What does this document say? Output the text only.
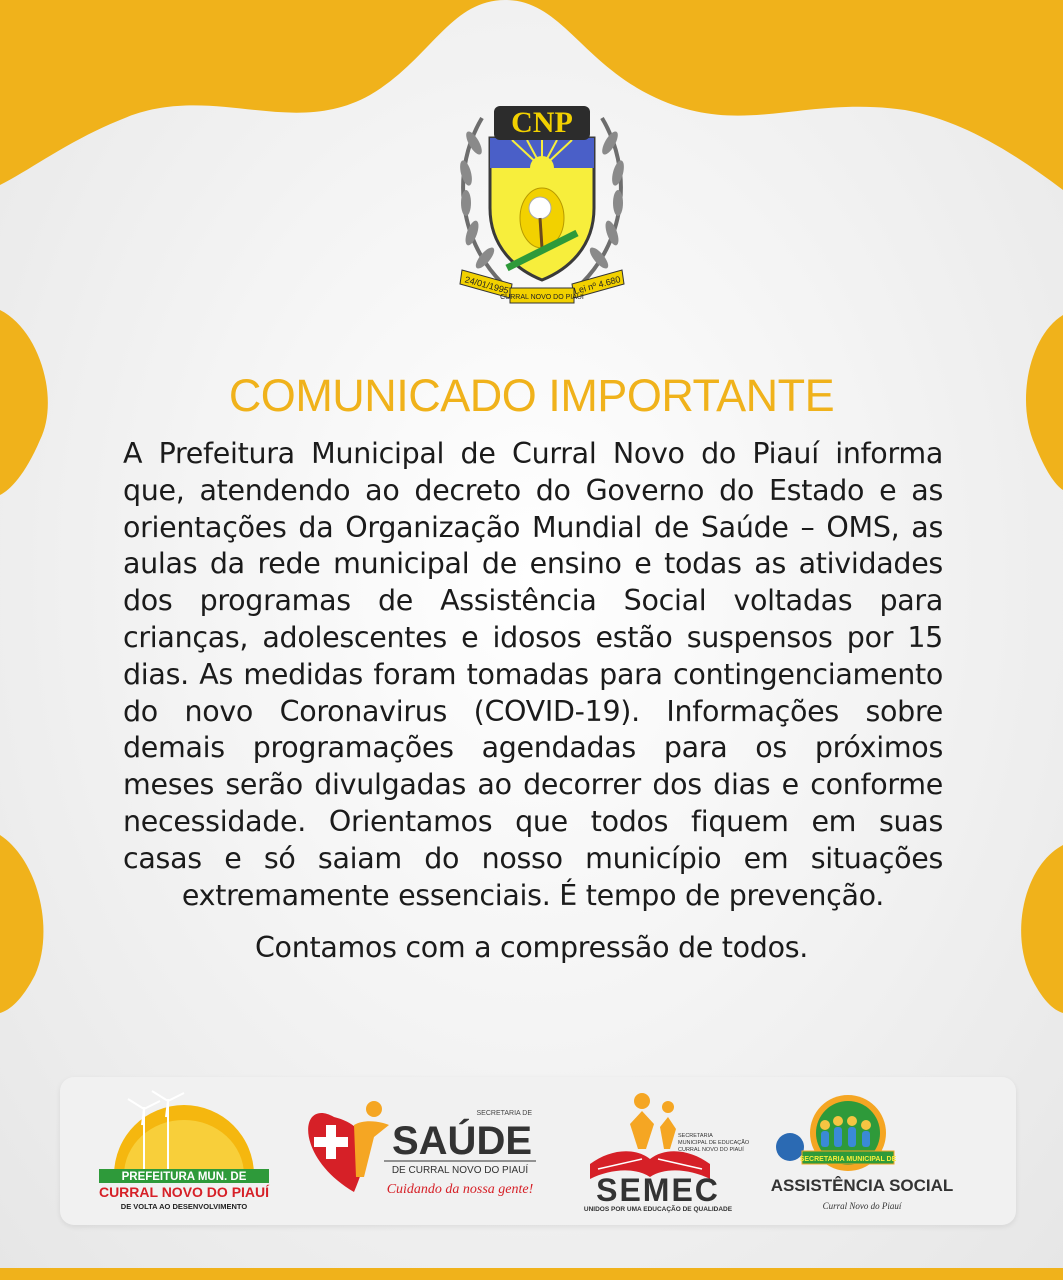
CNP
24/01/1995	Lei nº 4.680
CURRAL NOVO DO PIAUÍ
COMUNICADO IMPORTANTE
A Prefeitura Municipal de Curral Novo do Piauí informa que, atendendo ao decreto do Governo do Estado e as orientações da Organização Mundial de Saúde – OMS, as aulas da rede municipal de ensino e todas as atividades dos programas de Assistência Social voltadas para crianças, adolescentes e idosos estão suspensos por 15 dias. As medidas foram tomadas para contingenciamento do novo Coronavirus (COVID-19). Informações sobre demais programações agendadas para os próximos meses serão divulgadas ao decorrer dos dias e conforme necessidade. Orientamos que todos fiquem em suas casas e só saiam do nosso município em situações extremamente essenciais. É tempo de prevenção.
Contamos com a compressão de todos.
PREFEITURA MUN. DE
CURRAL NOVO DO PIAUÍ
DE VOLTA AO DESENVOLVIMENTO
SECRETARIA DE
SAÚDE
DE CURRAL NOVO DO PIAUÍ
Cuidando da nossa gente!
SECRETARIA
MUNICIPAL DE EDUCAÇÃO
CURRAL NOVO DO PIAUÍ
SEMEC
UNIDOS POR UMA EDUCAÇÃO DE QUALIDADE
SECRETARIA MUNICIPAL DE
ASSISTÊNCIA SOCIAL
Curral Novo do Piauí
